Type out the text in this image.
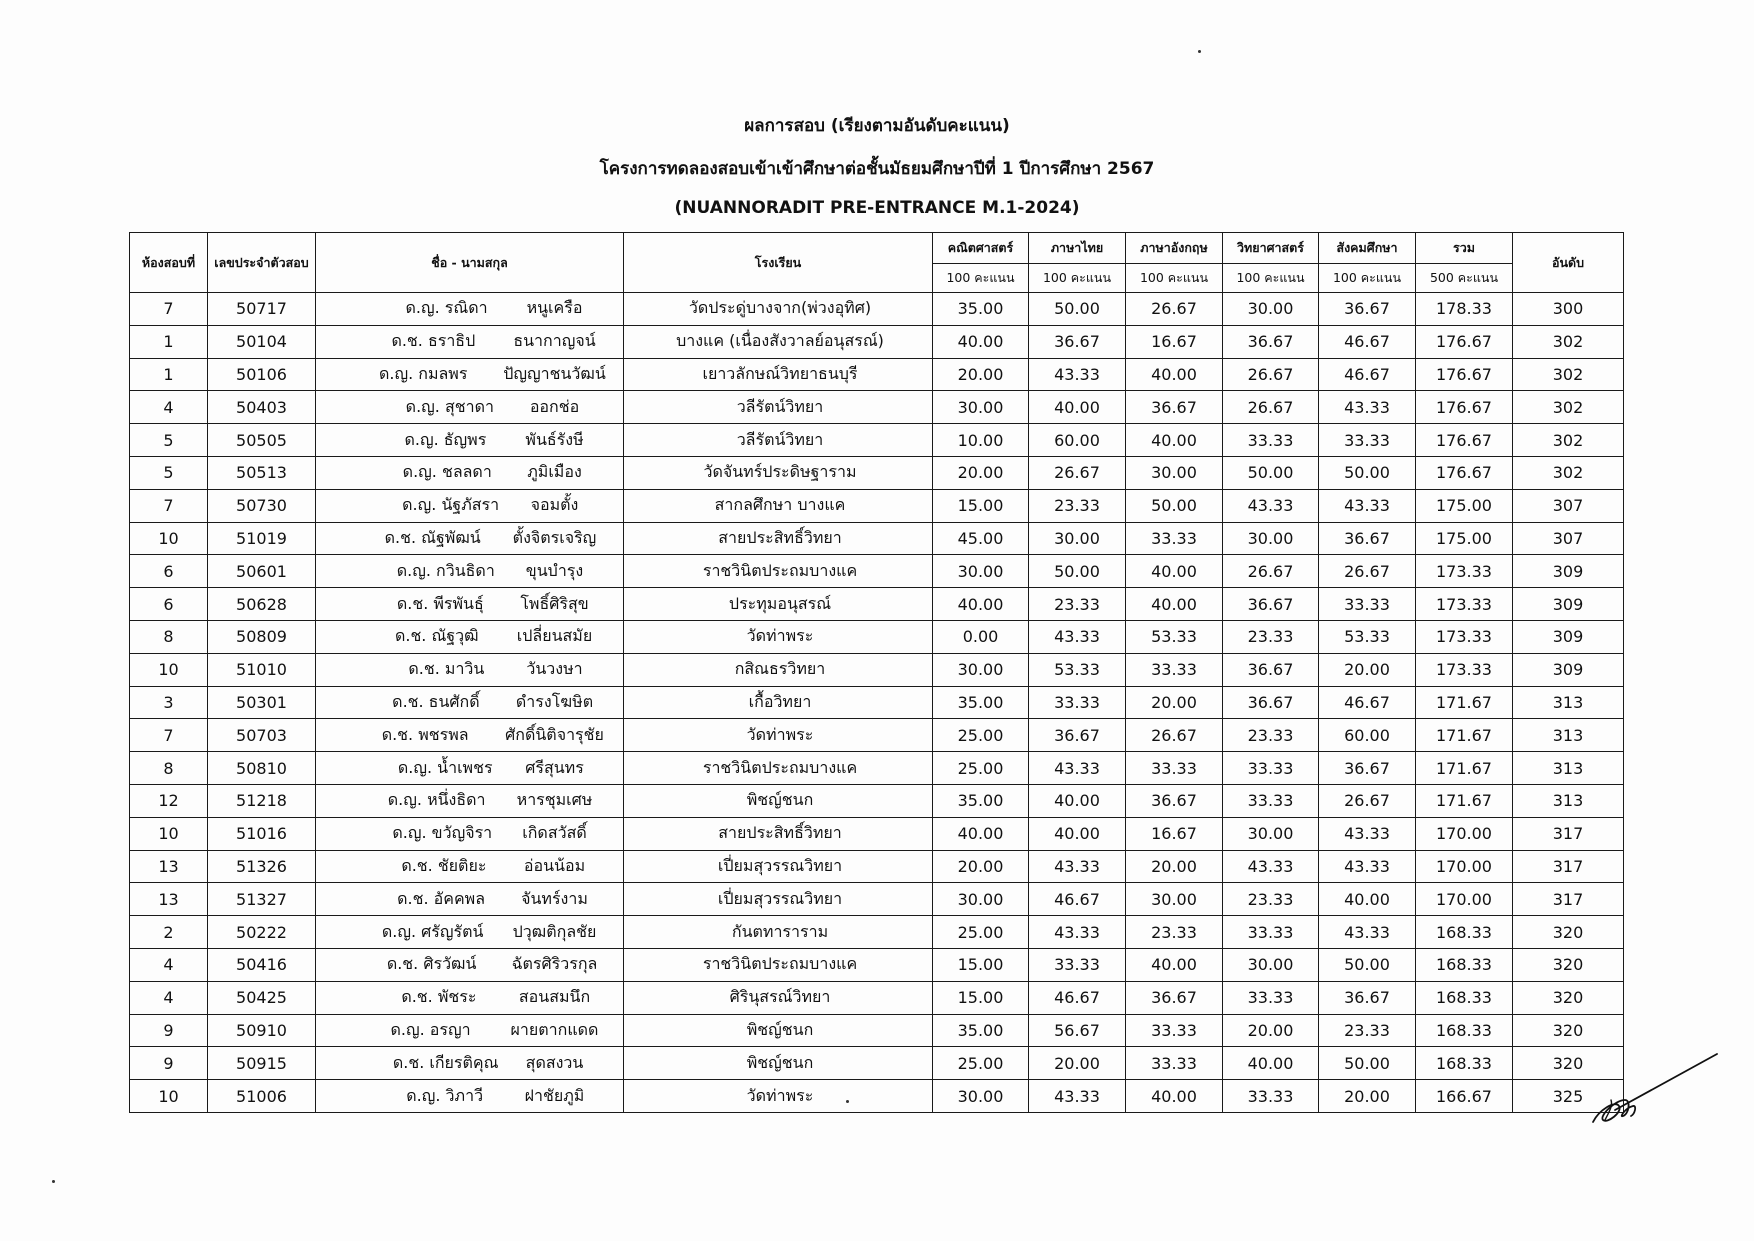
ผลการสอบ (เรียงตามอันดับคะแนน)
โครงการทดลองสอบเข้าเข้าศึกษาต่อชั้นมัธยมศึกษาปีที่ 1 ปีการศึกษา 2567
(NUANNORADIT PRE-ENTRANCE M.1-2024)
ห้องสอบที่	เลขประจำตัวสอบ	ชื่อ - นามสกุล	โรงเรียน	คณิตศาสตร์	ภาษาไทย	ภาษาอังกฤษ	วิทยาศาสตร์	สังคมศึกษา	รวม	อันดับ
				100 คะแนน	100 คะแนน	100 คะแนน	100 คะแนน	100 คะแนน	500 คะแนน	
7	50717	ด.ญ. รณิดา หนูเครือ	วัดประดู่บางจาก(พ่วงอุทิศ)	35.00	50.00	26.67	30.00	36.67	178.33	300
1	50104	ด.ช. ธราธิป ธนากาญจน์	บางแค (เนื่องสังวาลย์อนุสรณ์)	40.00	36.67	16.67	36.67	46.67	176.67	302
1	50106	ด.ญ. กมลพร ปัญญาชนวัฒน์	เยาวลักษณ์วิทยาธนบุรี	20.00	43.33	40.00	26.67	46.67	176.67	302
4	50403	ด.ญ. สุชาดา ออกช่อ	วลีรัตน์วิทยา	30.00	40.00	36.67	26.67	43.33	176.67	302
5	50505	ด.ญ. ธัญพร พันธ์รังษี	วลีรัตน์วิทยา	10.00	60.00	40.00	33.33	33.33	176.67	302
5	50513	ด.ญ. ชลลดา ภูมิเมือง	วัดจันทร์ประดิษฐาราม	20.00	26.67	30.00	50.00	50.00	176.67	302
7	50730	ด.ญ. นัฐภัสรา จอมตั้ง	สากลศึกษา บางแค	15.00	23.33	50.00	43.33	43.33	175.00	307
10	51019	ด.ช. ณัฐพัฒน์ ตั้งจิตรเจริญ	สายประสิทธิ์วิทยา	45.00	30.00	33.33	30.00	36.67	175.00	307
6	50601	ด.ญ. กวินธิดา ขุนบำรุง	ราชวินิตประถมบางแค	30.00	50.00	40.00	26.67	26.67	173.33	309
6	50628	ด.ช. พีรพันธุ์ โพธิ์ศิริสุข	ประทุมอนุสรณ์	40.00	23.33	40.00	36.67	33.33	173.33	309
8	50809	ด.ช. ณัฐวุฒิ เปลี่ยนสมัย	วัดท่าพระ	0.00	43.33	53.33	23.33	53.33	173.33	309
10	51010	ด.ช. มาวิน วันวงษา	กสิณธรวิทยา	30.00	53.33	33.33	36.67	20.00	173.33	309
3	50301	ด.ช. ธนศักดิ์ ดำรงโฆษิต	เกื้อวิทยา	35.00	33.33	20.00	36.67	46.67	171.67	313
7	50703	ด.ช. พชรพล ศักดิ์นิติจารุชัย	วัดท่าพระ	25.00	36.67	26.67	23.33	60.00	171.67	313
8	50810	ด.ญ. น้ำเพชร ศรีสุนทร	ราชวินิตประถมบางแค	25.00	43.33	33.33	33.33	36.67	171.67	313
12	51218	ด.ญ. หนึ่งธิดา หารชุมเศษ	พิชญ์ชนก	35.00	40.00	36.67	33.33	26.67	171.67	313
10	51016	ด.ญ. ขวัญจิรา เกิดสวัสดิ์	สายประสิทธิ์วิทยา	40.00	40.00	16.67	30.00	43.33	170.00	317
13	51326	ด.ช. ชัยติยะ อ่อนน้อม	เปี่ยมสุวรรณวิทยา	20.00	43.33	20.00	43.33	43.33	170.00	317
13	51327	ด.ช. อัคคพล จันทร์งาม	เปี่ยมสุวรรณวิทยา	30.00	46.67	30.00	23.33	40.00	170.00	317
2	50222	ด.ญ. ศรัญรัตน์ ปวุฒติกุลชัย	กันตทาราราม	25.00	43.33	23.33	33.33	43.33	168.33	320
4	50416	ด.ช. ศิรวัฒน์ ฉัตรศิริวรกุล	ราชวินิตประถมบางแค	15.00	33.33	40.00	30.00	50.00	168.33	320
4	50425	ด.ช. พัชระ สอนสมนึก	ศิรินุสรณ์วิทยา	15.00	46.67	36.67	33.33	36.67	168.33	320
9	50910	ด.ญ. อรญา ผายตากแดด	พิชญ์ชนก	35.00	56.67	33.33	20.00	23.33	168.33	320
9	50915	ด.ช. เกียรติคุณ สุดสงวน	พิชญ์ชนก	25.00	20.00	33.33	40.00	50.00	168.33	320
10	51006	ด.ญ. วิภาวี ฝาชัยภูมิ	วัดท่าพระ	30.00	43.33	40.00	33.33	20.00	166.67	325
